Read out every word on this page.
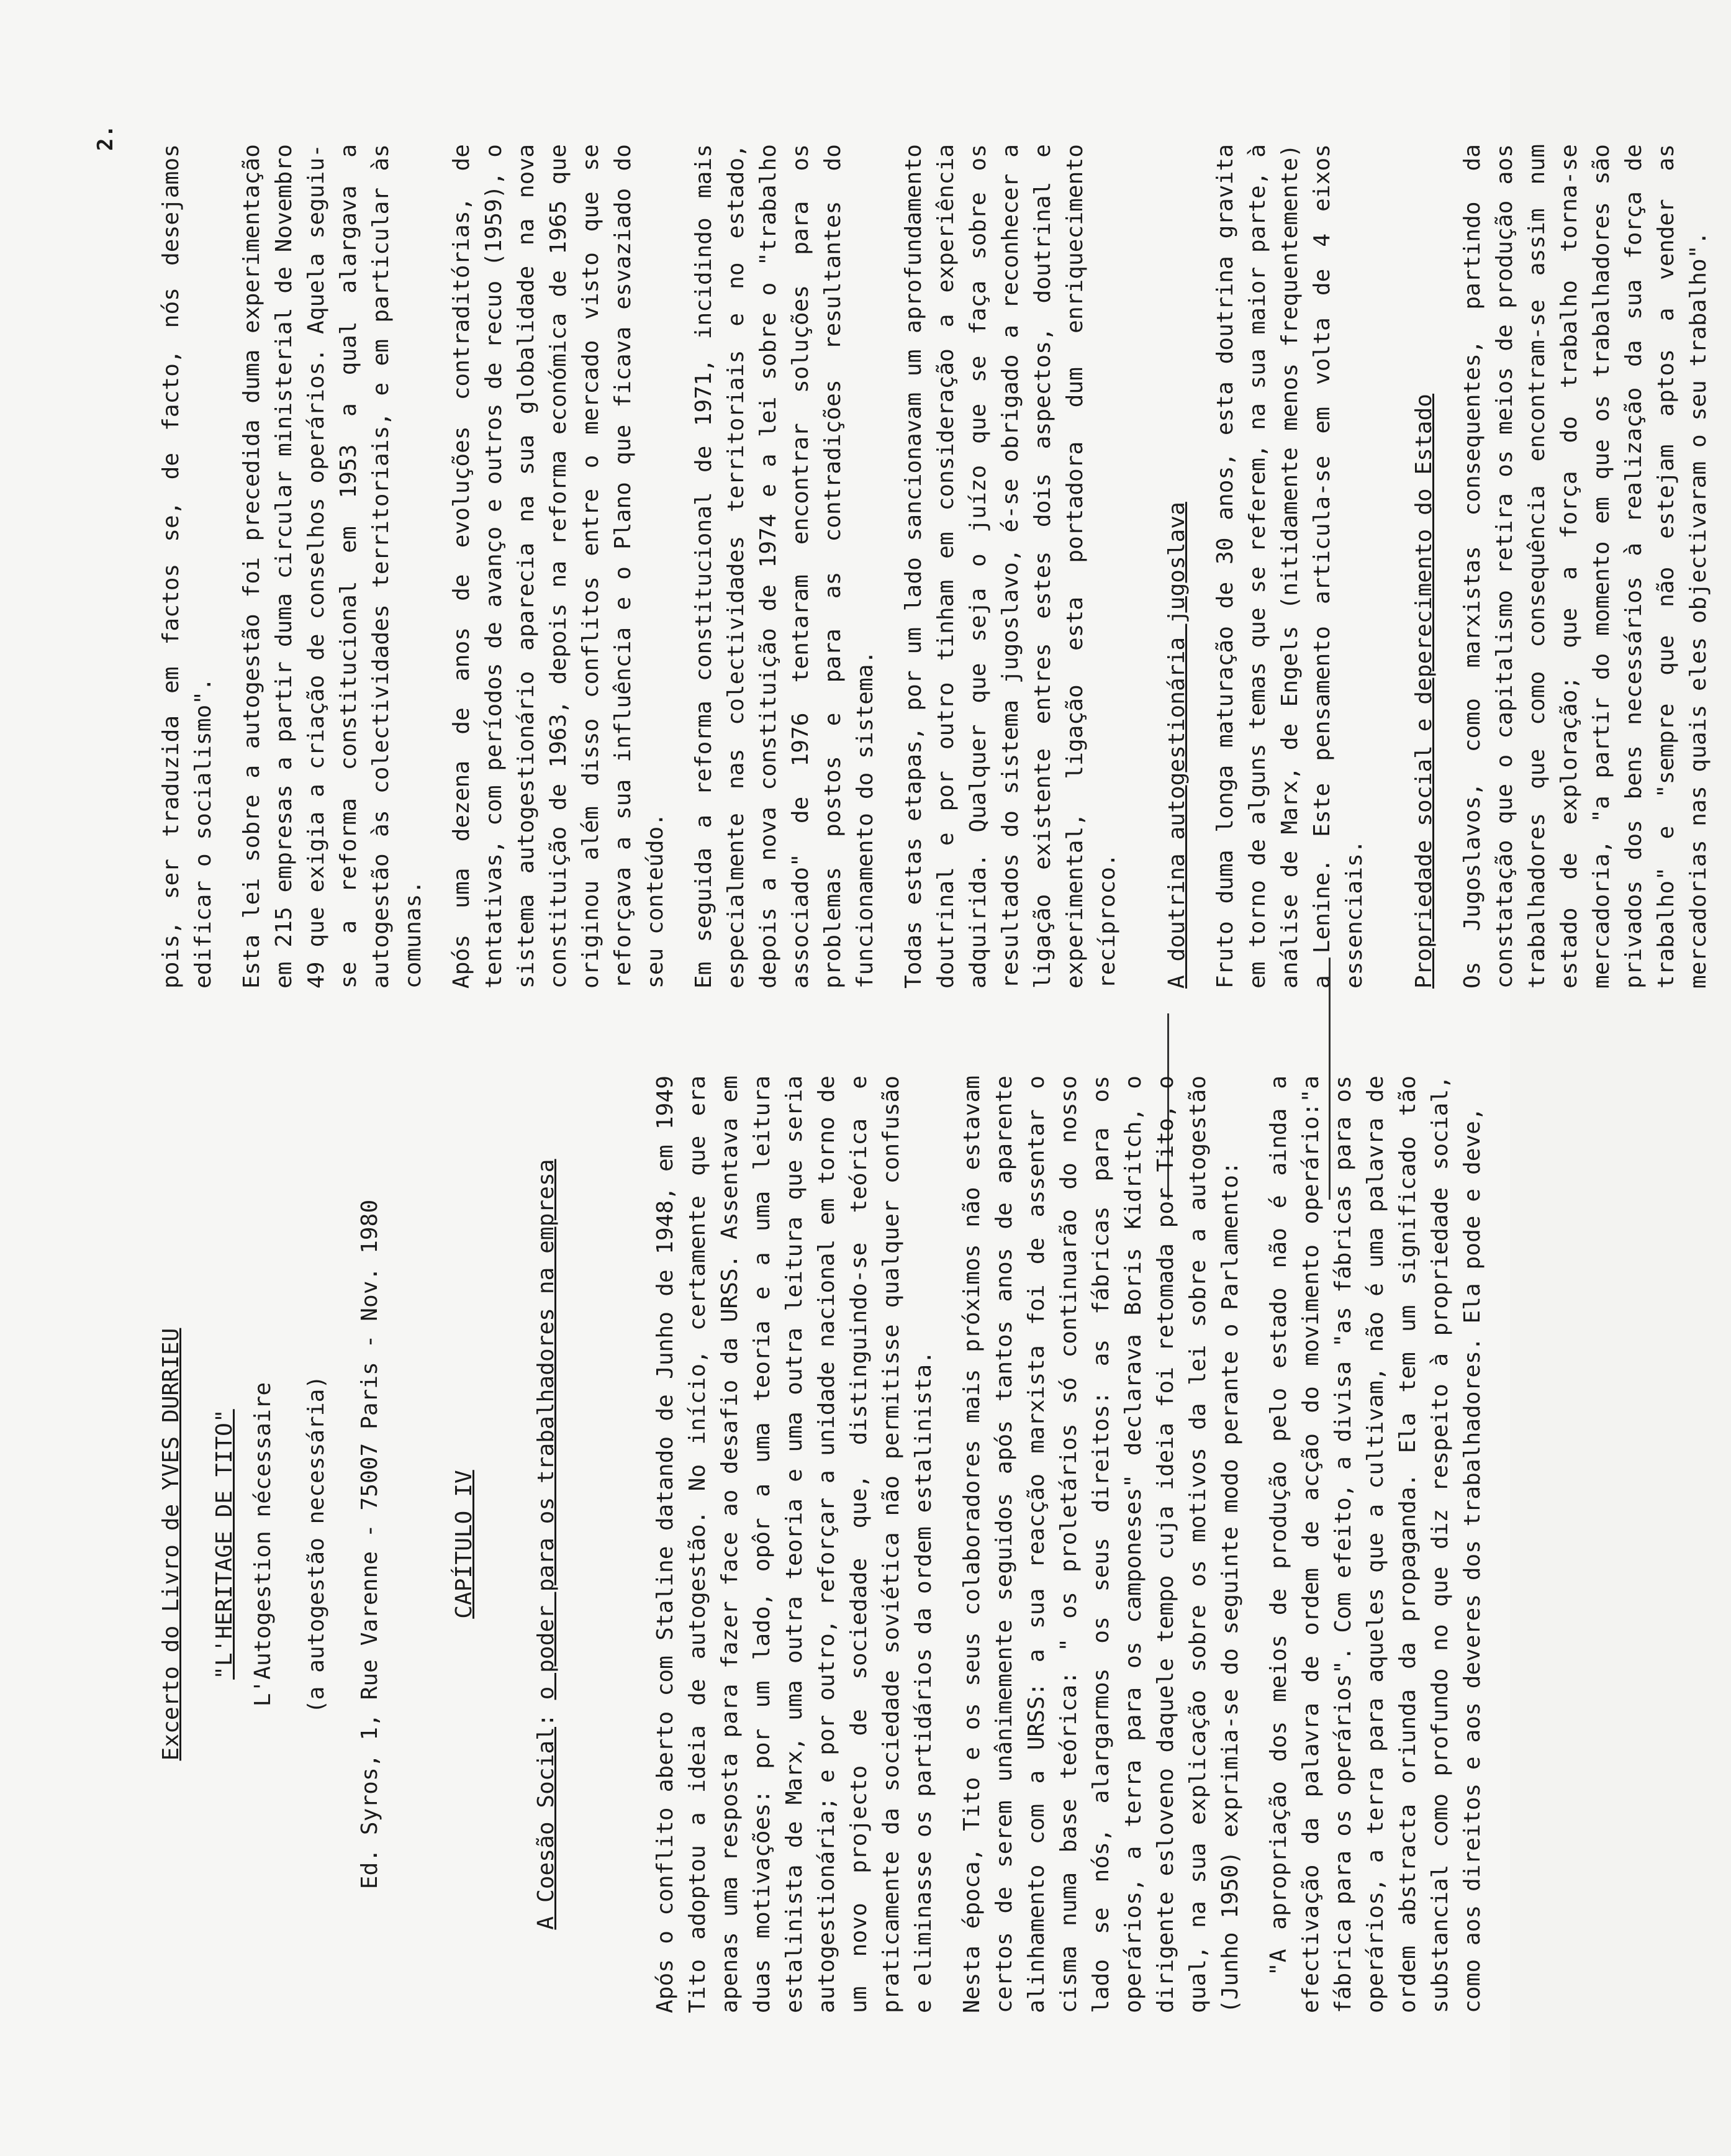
2.
Excerto do Livro de YVES DURRIEU "L'HERITAGE DE TITO" L'Autogestion nécessaire (a autogestão necessária) Ed. Syros, 1, Rue Varenne - 75007 Paris - Nov. 1980	CAPÍTULO IV
A Coesão Social: o poder para os trabalhadores na empresa	Após o conflito aberto com Staline datando de Junho de 1948, em 1949 Tito adoptou a ideia de autogestão. No início, certamente que era apenas uma resposta para fazer face ao desafio da URSS. Assentava em duas motivações: por um lado, opôr a uma teoria e a uma leitura estalinista de Marx, uma outra teoria e uma outra leitura que seria autogestionária; e por outro, reforçar a unidade nacional em torno de um novo projecto de sociedade que, distinguindo-se teórica e praticamente da sociedade soviética não permitisse qualquer confusão e eliminasse os partidários da ordem estalinista. Nesta época, Tito e os seus colaboradores mais próximos não estavam certos de serem unânimemente seguidos após tantos anos de aparente alinhamento com a URSS: a sua reacção marxista foi de assentar o cisma numa base teórica: " os proletários só continuarão do nosso lado se nós, alargarmos os seus direitos: as fábricas para os operários, a terra para os camponeses" declarava Boris Kidritch, o dirigente esloveno daquele tempo cuja ideia foi retomada por Tito, o qual, na sua explicação sobre os motivos da lei sobre a autogestão (Junho 1950) exprimia-se do seguinte modo perante o Parlamento: "A apropriação dos meios de produção pelo estado não é ainda a efectivação da palavra de ordem de acção do movimento operário:"a fábrica para os operários". Com efeito, a divisa "as fábricas para os operários, a terra para aqueles que a cultivam, não é uma palavra de ordem abstracta oriunda da propaganda. Ela tem um significado tão substancial como profundo no que diz respeito à propriedade social, como aos direitos e aos deveres dos trabalhadores. Ela pode e deve,

pois, ser traduzida em factos se, de facto, nós desejamos edificar o socialismo". Esta lei sobre a autogestão foi precedida duma experimentação em 215 empresas a partir duma circular ministerial de Novembro 49 que exigia a criação de conselhos operários. Aquela seguiu-se a reforma constitucional em 1953 a qual alargava a autogestão às colectividades territoriais, e em particular às comunas. Após uma dezena de anos de evoluções contraditórias, de tentativas, com períodos de avanço e outros de recuo (1959), o sistema autogestionário aparecia na sua globalidade na nova constituição de 1963, depois na reforma económica de 1965 que originou além disso conflitos entre o mercado visto que se reforçava a sua influência e o Plano que ficava esvaziado do seu conteúdo. Em seguida a reforma constitucional de 1971, incidindo mais especialmente nas colectividades territoriais e no estado, depois a nova constituição de 1974 e a lei sobre o "trabalho associado" de 1976 tentaram encontrar soluções para os problemas postos e para as contradições resultantes do funcionamento do sistema. Todas estas etapas, por um lado sancionavam um aprofundamento doutrinal e por outro tinham em consideração a experiência adquirida. Qualquer que seja o juízo que se faça sobre os resultados do sistema jugoslavo, é-se obrigado a reconhecer a ligação existente entres estes dois aspectos, doutrinal e experimental, ligação esta portadora dum enriquecimento recíproco. A doutrina autogestionária jugoslava Fruto duma longa maturação de 30 anos, esta doutrina gravita em torno de alguns temas que se referem, na sua maior parte, à análise de Marx, de Engels (nitidamente menos frequentemente) a Lenine. Este pensamento articula-se em volta de 4 eixos essenciais. Propriedade social e deperecimento do Estado Os Jugoslavos, como marxistas consequentes, partindo da constatação que o capitalismo retira os meios de produção aos trabalhadores que como consequência encontram-se assim num estado de exploração; que a força do trabalho torna-se mercadoria, "a partir do momento em que os trabalhadores são privados dos bens necessários à realização da sua força de trabalho" e "sempre que não estejam aptos a vender as mercadorias nas quais eles objectivaram o seu trabalho".
